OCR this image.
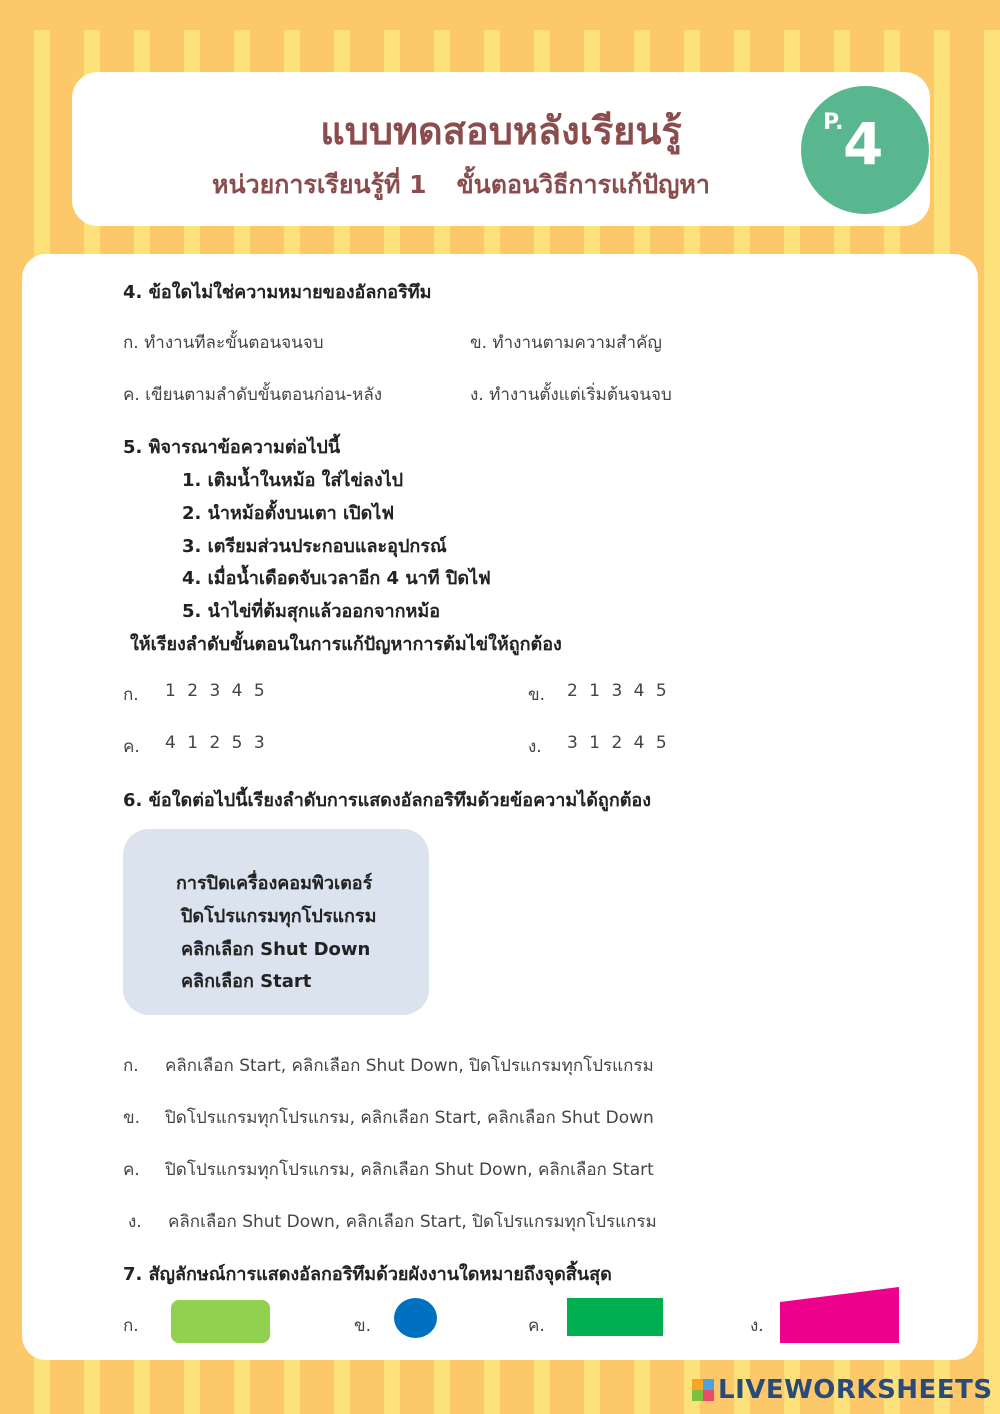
แบบทดสอบหลังเรียนรู้
หน่วยการเรียนรู้ที่ 1 ขั้นตอนวิธีการแก้ปัญหา
P. 4
4. ข้อใดไม่ใช่ความหมายของอัลกอริทึม
ก. ทำงานทีละขั้นตอนจนจบ	ข. ทำงานตามความสำคัญ
ค. เขียนตามลำดับขั้นตอนก่อน-หลัง	ง. ทำงานตั้งแต่เริ่มต้นจนจบ
5. พิจารณาข้อความต่อไปนี้
1. เติมน้ำในหม้อ ใส่ไข่ลงไป
2. นำหม้อตั้งบนเตา เปิดไฟ
3. เตรียมส่วนประกอบและอุปกรณ์
4. เมื่อน้ำเดือดจับเวลาอีก 4 นาที ปิดไฟ
5. นำไข่ที่ต้มสุกแล้วออกจากหม้อ
ให้เรียงลำดับขั้นตอนในการแก้ปัญหาการต้มไข่ให้ถูกต้อง
ก. 1 2 3 4 5	ข. 2 1 3 4 5
ค. 4 1 2 5 3	ง. 3 1 2 4 5
6. ข้อใดต่อไปนี้เรียงลำดับการแสดงอัลกอริทึมด้วยข้อความได้ถูกต้อง
การปิดเครื่องคอมพิวเตอร์
ปิดโปรแกรมทุกโปรแกรม
คลิกเลือก Shut Down
คลิกเลือก Start
ก. คลิกเลือก Start, คลิกเลือก Shut Down, ปิดโปรแกรมทุกโปรแกรม
ข. ปิดโปรแกรมทุกโปรแกรม, คลิกเลือก Start, คลิกเลือก Shut Down
ค. ปิดโปรแกรมทุกโปรแกรม, คลิกเลือก Shut Down, คลิกเลือก Start
ง. คลิกเลือก Shut Down, คลิกเลือก Start, ปิดโปรแกรมทุกโปรแกรม
7. สัญลักษณ์การแสดงอัลกอริทึมด้วยผังงานใดหมายถึงจุดสิ้นสุด
ก.	ข.	ค.	ง.
LIVEWORKSHEETS
